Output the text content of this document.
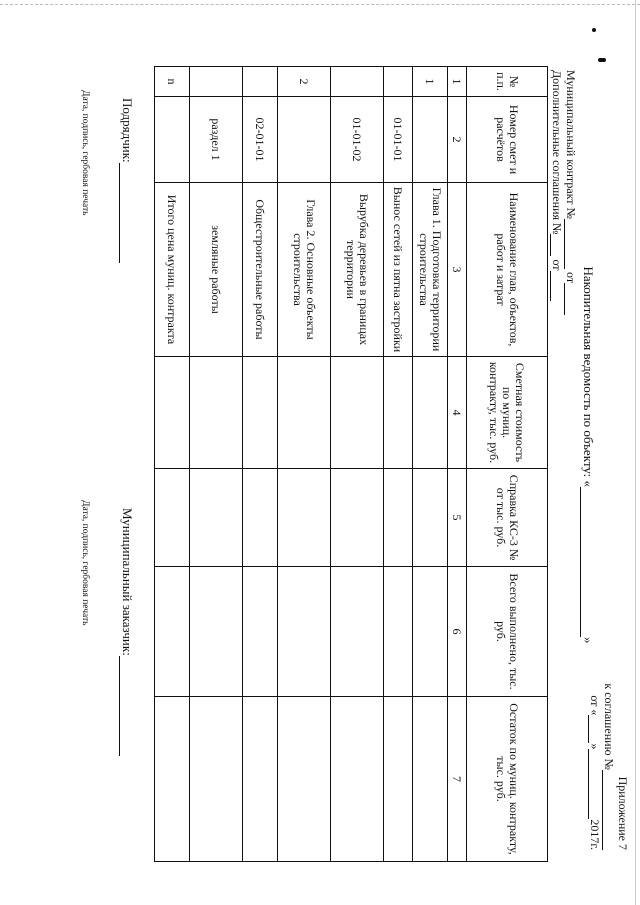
Приложение 7
к соглашению №
от «»2017г.
Накопительная ведомость по объекту: «»
Муниципальный контракт № от
Дополнительные соглашения № от
№ п.п.	Номер смет и расчётов	Наименование глав, объектов, работ и затрат	Сметная стоимость по муниц. контракту, тыс. руб.	Справка КС-3 № от тыс. руб.	Всего выполнено, тыс. руб.	Остаток по муниц. контракту, тыс. руб.
1	2	3	4	5	6	7
1		Глава 1. Подготовка территории строительства				
	01-01-01	Вынос сетей из пятна застройки				
	01-01-02	Вырубка деревьев в границах территории				
2		Глава 2. Основные объекты строительства				
	02-01-01	Общестроительные работы				
	раздел 1	земляные работы				
n		Итого цена муниц. контракта				
Подрядчик:
Муниципальный заказчик:
Дата, подпись, гербовая печать
Дата, подпись, гербовая печать
